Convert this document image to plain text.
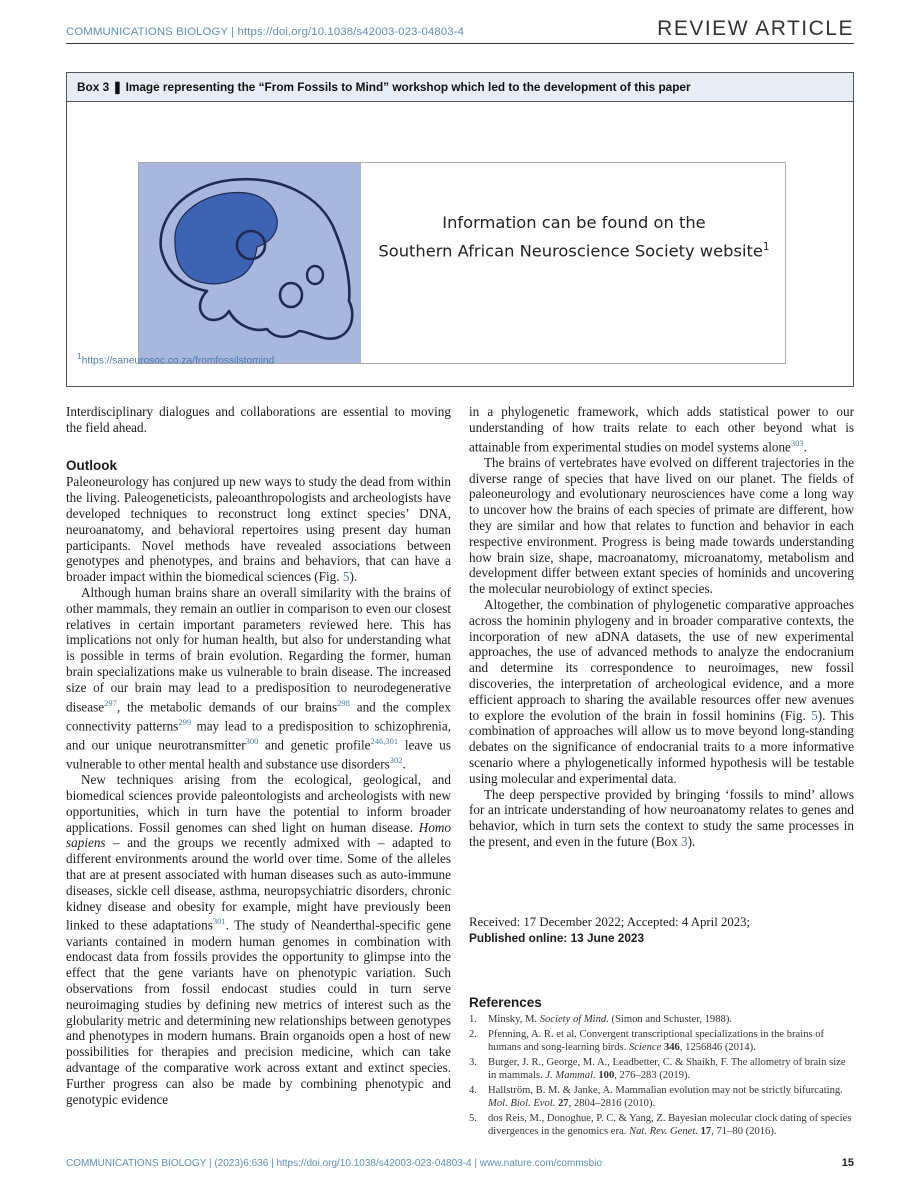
COMMUNICATIONS BIOLOGY | https://doi.org/10.1038/s42003-023-04803-4	REVIEW ARTICLE
Box 3 ❚ Image representing the “From Fossils to Mind” workshop which led to the development of this paper
Information can be found on the
Southern African Neuroscience Society website$^1$
$^1$https://saneurosoc.co.za/fromfossilstomind

Interdisciplinary dialogues and collaborations are essential to moving the field ahead.

Outlook

Paleoneurology has conjured up new ways to study the dead from within the living. Paleogeneticists, paleoanthropologists and archeologists have developed techniques to reconstruct long extinct species’ DNA, neuroanatomy, and behavioral repertoires using present day human participants. Novel methods have revealed associations between genotypes and phenotypes, and brains and behaviors, that can have a broader impact within the biomedical sciences (Fig. 5).

Although human brains share an overall similarity with the brains of other mammals, they remain an outlier in comparison to even our closest relatives in certain important parameters reviewed here. This has implications not only for human health, but also for understanding what is possible in terms of brain evolution. Regarding the former, human brain specializations make us vulnerable to brain disease. The increased size of our brain may lead to a predisposition to neurodegenerative disease$^{297}$, the metabolic demands of our brains$^{298}$ and the complex connectivity patterns$^{299}$ may lead to a predisposition to schizophrenia, and our unique neurotransmitter$^{300}$ and genetic profile$^{246,301}$ leave us vulnerable to other mental health and substance use disorders$^{302}$.

New techniques arising from the ecological, geological, and biomedical sciences provide paleontologists and archeologists with new opportunities, which in turn have the potential to inform broader applications. Fossil genomes can shed light on human disease. Homo sapiens – and the groups we recently admixed with – adapted to different environments around the world over time. Some of the alleles that are at present associated with human diseases such as auto-immune diseases, sickle cell disease, asthma, neuropsychiatric disorders, chronic kidney disease and obesity for example, might have previously been linked to these adaptations$^{301}$. The study of Neanderthal-specific gene variants contained in modern human genomes in combination with endocast data from fossils provides the opportunity to glimpse into the effect that the gene variants have on phenotypic variation. Such observations from fossil endocast studies could in turn serve neuroimaging studies by defining new metrics of interest such as the globularity metric and determining new relationships between genotypes and phenotypes in modern humans. Brain organoids open a host of new possibilities for therapies and precision medicine, which can take advantage of the comparative work across extant and extinct species. Further progress can also be made by combining phenotypic and genotypic evidence

in a phylogenetic framework, which adds statistical power to our understanding of how traits relate to each other beyond what is attainable from experimental studies on model systems alone$^{303}$.

The brains of vertebrates have evolved on different trajectories in the diverse range of species that have lived on our planet. The fields of paleoneurology and evolutionary neurosciences have come a long way to uncover how the brains of each species of primate are different, how they are similar and how that relates to function and behavior in each respective environment. Progress is being made towards understanding how brain size, shape, macroanatomy, microanatomy, metabolism and development differ between extant species of hominids and uncovering the molecular neurobiology of extinct species.

Altogether, the combination of phylogenetic comparative approaches across the hominin phylogeny and in broader comparative contexts, the incorporation of new aDNA datasets, the use of new experimental approaches, the use of advanced methods to analyze the endocranium and determine its correspondence to neuroimages, new fossil discoveries, the interpretation of archeological evidence, and a more efficient approach to sharing the available resources offer new avenues to explore the evolution of the brain in fossil hominins (Fig. 5). This combination of approaches will allow us to move beyond long-standing debates on the significance of endocranial traits to a more informative scenario where a phylogenetically informed hypothesis will be testable using molecular and experimental data.

The deep perspective provided by bringing ‘fossils to mind’ allows for an intricate understanding of how neuroanatomy relates to genes and behavior, which in turn sets the context to study the same processes in the present, and even in the future (Box 3).

Received: 17 December 2022; Accepted: 4 April 2023;
Published online: 13 June 2023
References
1. Minsky, M. Society of Mind. (Simon and Schuster, 1988).
2. Pfenning, A. R. et al. Convergent transcriptional specializations in the brains of humans and song-learning birds. Science 346, 1256846 (2014).
3. Burger, J. R., George, M. A., Leadbetter, C. & Shaikh, F. The allometry of brain size in mammals. J. Mammal. 100, 276–283 (2019).
4. Hallström, B. M. & Janke, A. Mammalian evolution may not be strictly bifurcating. Mol. Biol. Evol. 27, 2804–2816 (2010).
5. dos Reis, M., Donoghue, P. C. & Yang, Z. Bayesian molecular clock dating of species divergences in the genomics era. Nat. Rev. Genet. 17, 71–80 (2016).
COMMUNICATIONS BIOLOGY | (2023)6:636 | https://doi.org/10.1038/s42003-023-04803-4 | www.nature.com/commsbio	15
